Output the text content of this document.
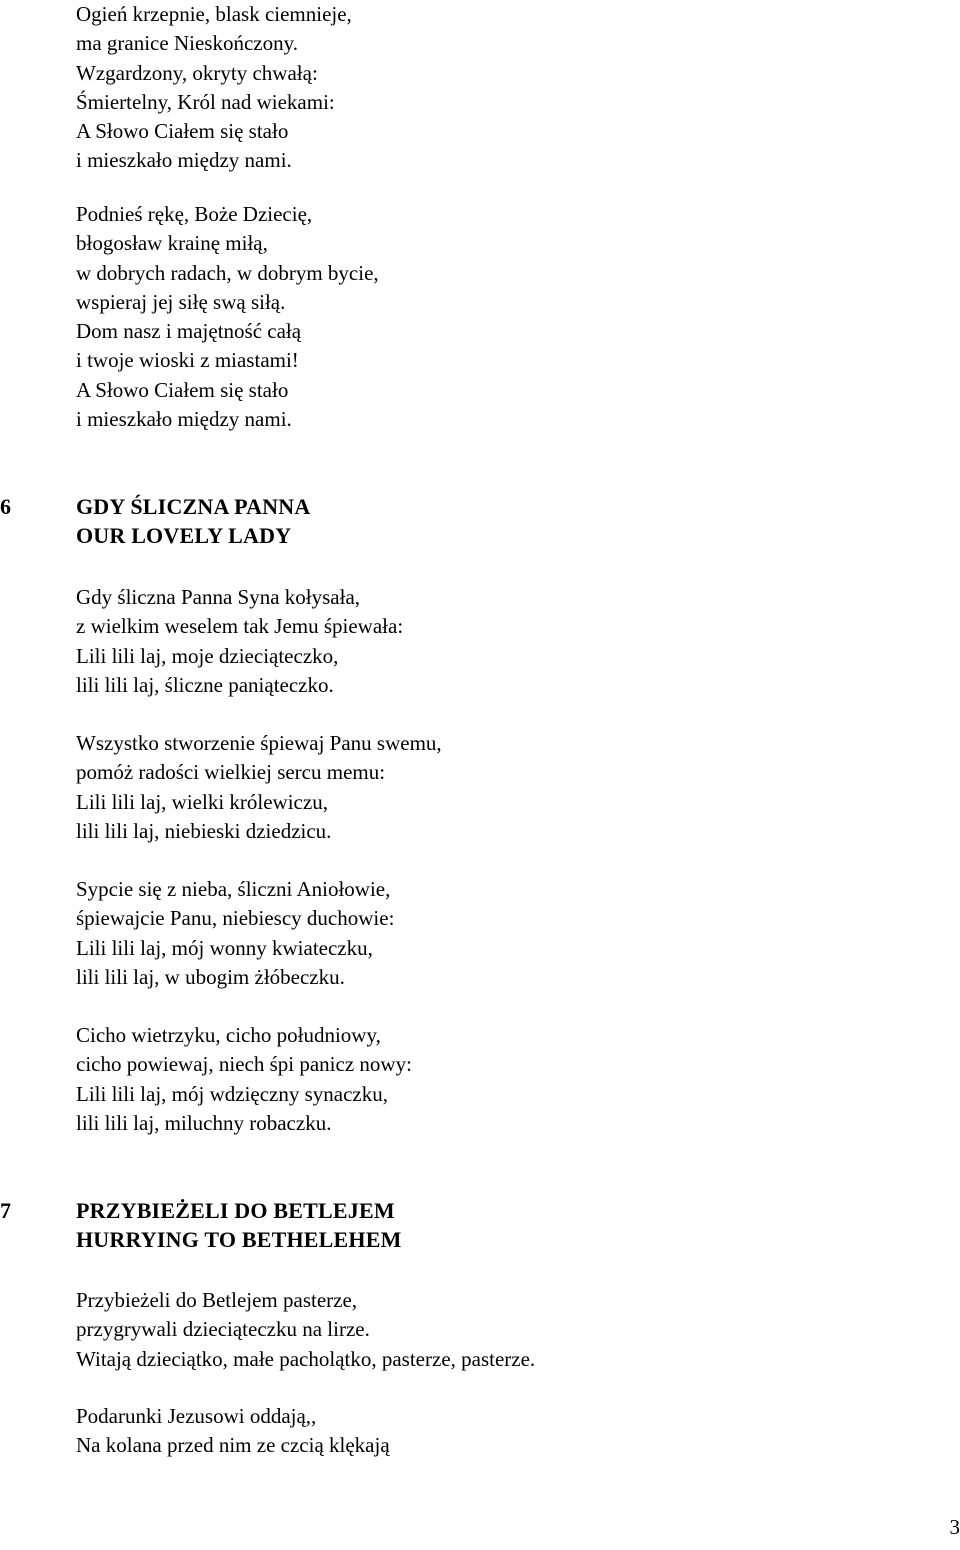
Ogień krzepnie, blask ciemnieje,
ma granice Nieskończony.
Wzgardzony, okryty chwałą:
Śmiertelny, Król nad wiekami:
A Słowo Ciałem się stało
i mieszkało między nami.
Podnieś rękę, Boże Dziecię,
błogosław krainę miłą,
w dobrych radach, w dobrym bycie,
wspieraj jej siłę swą siłą.
Dom nasz i majętność całą
i twoje wioski z miastami!
A Słowo Ciałem się stało
i mieszkało między nami.
6	GDY ŚLICZNA PANNA
OUR LOVELY LADY
Gdy śliczna Panna Syna kołysała,
z wielkim weselem tak Jemu śpiewała:
Lili lili laj, moje dzieciąteczko,
lili lili laj, śliczne paniąteczko.
Wszystko stworzenie śpiewaj Panu swemu,
pomóż radości wielkiej sercu memu:
Lili lili laj, wielki królewiczu,
lili lili laj, niebieski dziedzicu.
Sypcie się z nieba, śliczni Aniołowie,
śpiewajcie Panu, niebiescy duchowie:
Lili lili laj, mój wonny kwiateczku,
lili lili laj, w ubogim żłóbeczku.
Cicho wietrzyku, cicho południowy,
cicho powiewaj, niech śpi panicz nowy:
Lili lili laj, mój wdzięczny synaczku,
lili lili laj, miluchny robaczku.
7	PRZYBIEŻELI DO BETLEJEM
HURRYING TO BETHELEHEM
Przybieżeli do Betlejem pasterze,
przygrywali dzieciąteczku na lirze.
Witają dzieciątko, małe pacholątko, pasterze, pasterze.
Podarunki Jezusowi oddają,,
Na kolana przed nim ze czcią klękają
3
